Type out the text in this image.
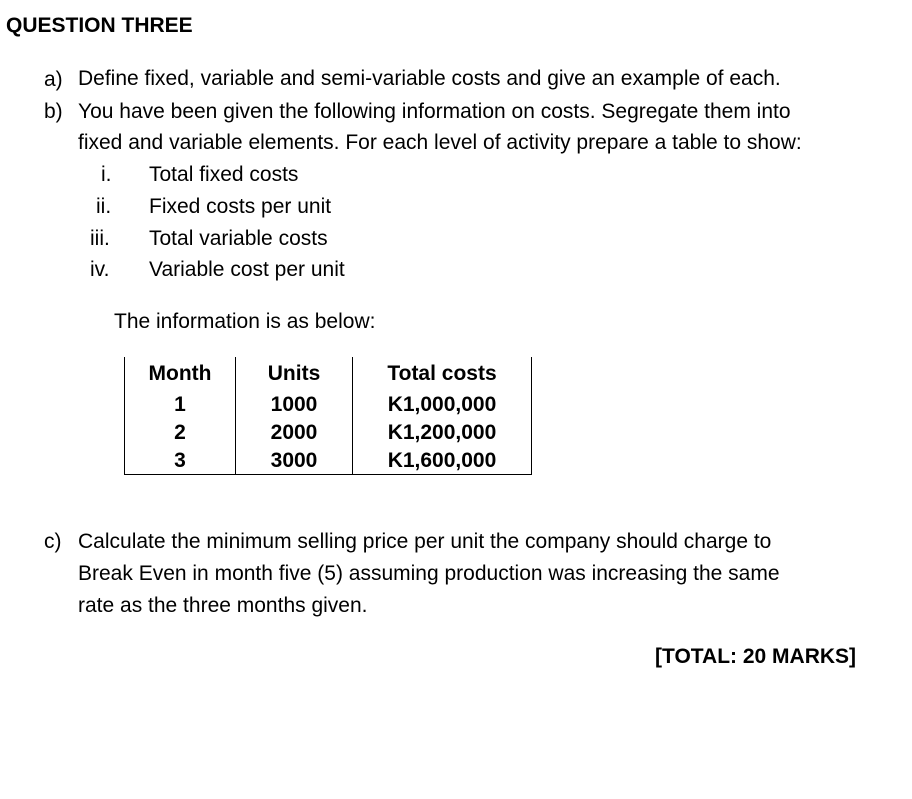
QUESTION THREE
a) Define fixed, variable and semi-variable costs and give an example of each.
b) You have been given the following information on costs. Segregate them into
fixed and variable elements. For each level of activity prepare a table to show:
i. Total fixed costs
ii. Fixed costs per unit
iii. Total variable costs
iv. Variable cost per unit
The information is as below:
Month	Units	Total costs
1	1000	K1,000,000
2	2000	K1,200,000
3	3000	K1,600,000
c) Calculate the minimum selling price per unit the company should charge to
Break Even in month five (5) assuming production was increasing the same
rate as the three months given.
[TOTAL: 20 MARKS]
